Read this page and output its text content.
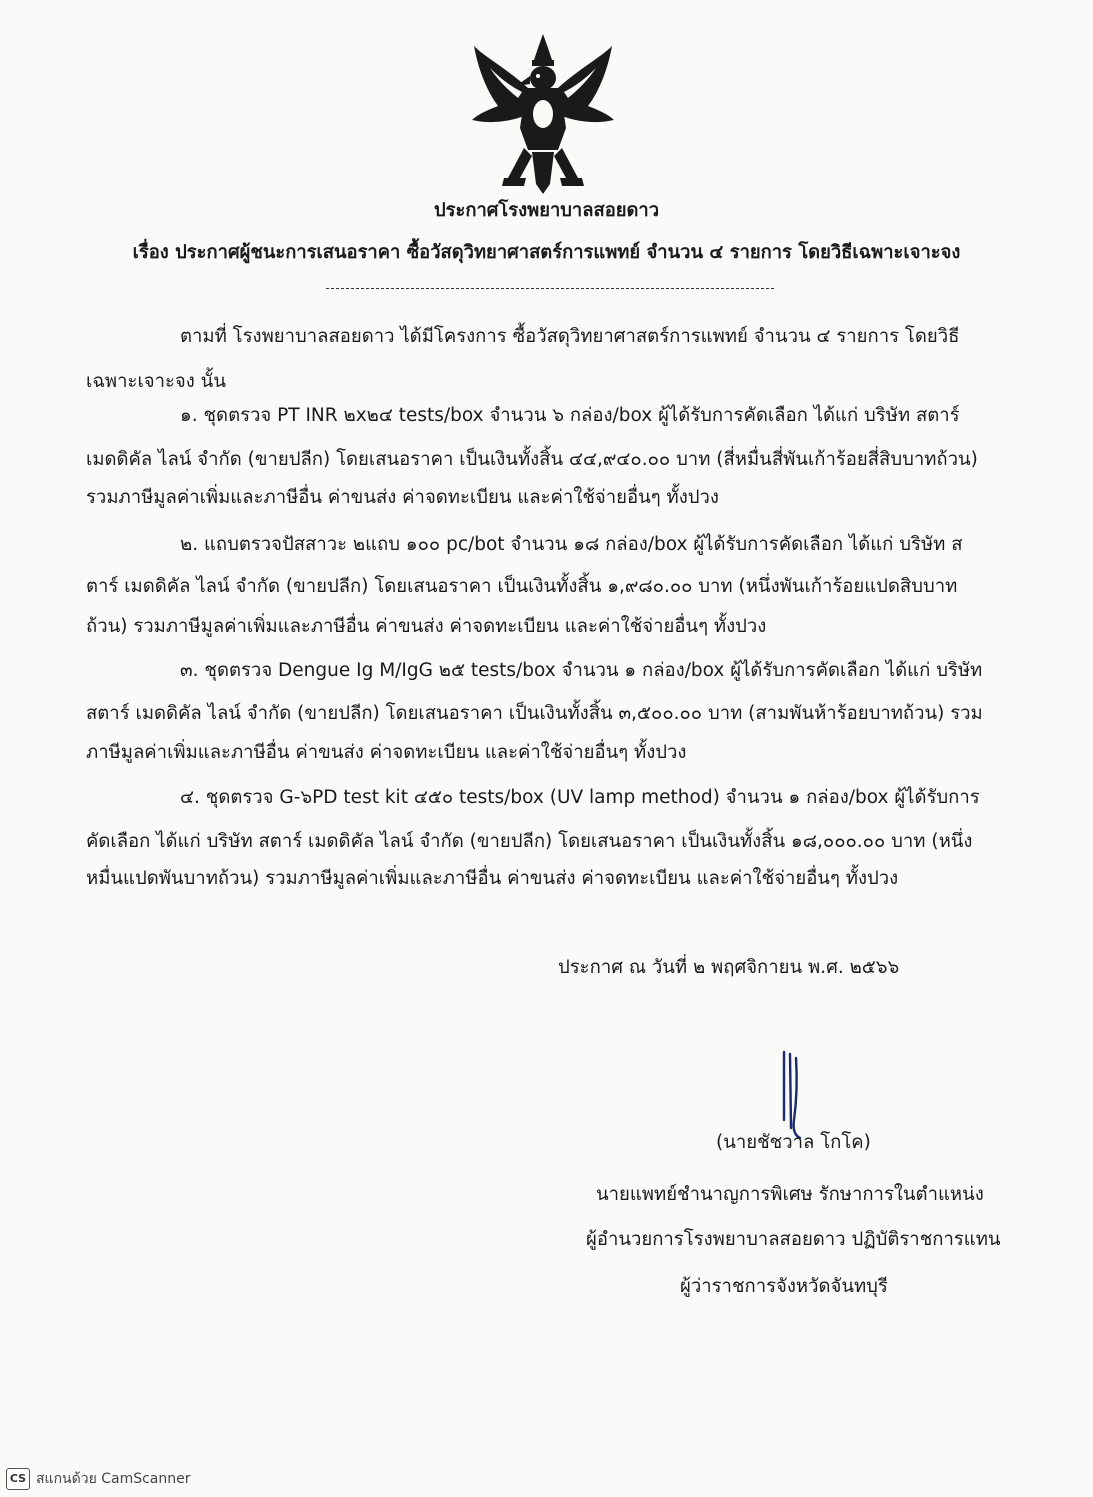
ประกาศโรงพยาบาลสอยดาว
เรื่อง ประกาศผู้ชนะการเสนอราคา ซื้อวัสดุวิทยาศาสตร์การแพทย์ จำนวน ๔ รายการ โดยวิธีเฉพาะเจาะจง
ตามที่ โรงพยาบาลสอยดาว ได้มีโครงการ ซื้อวัสดุวิทยาศาสตร์การแพทย์ จำนวน ๔ รายการ โดยวิธี
เฉพาะเจาะจง นั้น
๑. ชุดตรวจ PT INR ๒x๒๔ tests/box จำนวน ๖ กล่อง/box ผู้ได้รับการคัดเลือก ได้แก่ บริษัท สตาร์
เมดดิคัล ไลน์ จำกัด (ขายปลีก) โดยเสนอราคา เป็นเงินทั้งสิ้น ๔๔,๙๔๐.๐๐ บาท (สี่หมื่นสี่พันเก้าร้อยสี่สิบบาทถ้วน)
รวมภาษีมูลค่าเพิ่มและภาษีอื่น ค่าขนส่ง ค่าจดทะเบียน และค่าใช้จ่ายอื่นๆ ทั้งปวง
๒. แถบตรวจปัสสาวะ ๒แถบ ๑๐๐ pc/bot จำนวน ๑๘ กล่อง/box ผู้ได้รับการคัดเลือก ได้แก่ บริษัท ส
ตาร์ เมดดิคัล ไลน์ จำกัด (ขายปลีก) โดยเสนอราคา เป็นเงินทั้งสิ้น ๑,๙๘๐.๐๐ บาท (หนึ่งพันเก้าร้อยแปดสิบบาท
ถ้วน) รวมภาษีมูลค่าเพิ่มและภาษีอื่น ค่าขนส่ง ค่าจดทะเบียน และค่าใช้จ่ายอื่นๆ ทั้งปวง
๓. ชุดตรวจ Dengue Ig M/IgG ๒๕ tests/box จำนวน ๑ กล่อง/box ผู้ได้รับการคัดเลือก ได้แก่ บริษัท
สตาร์ เมดดิคัล ไลน์ จำกัด (ขายปลีก) โดยเสนอราคา เป็นเงินทั้งสิ้น ๓,๕๐๐.๐๐ บาท (สามพันห้าร้อยบาทถ้วน) รวม
ภาษีมูลค่าเพิ่มและภาษีอื่น ค่าขนส่ง ค่าจดทะเบียน และค่าใช้จ่ายอื่นๆ ทั้งปวง
๔. ชุดตรวจ G-๖PD test kit ๔๕๐ tests/box (UV lamp method) จำนวน ๑ กล่อง/box ผู้ได้รับการ
คัดเลือก ได้แก่ บริษัท สตาร์ เมดดิคัล ไลน์ จำกัด (ขายปลีก) โดยเสนอราคา เป็นเงินทั้งสิ้น ๑๘,๐๐๐.๐๐ บาท (หนึ่ง
หมื่นแปดพันบาทถ้วน) รวมภาษีมูลค่าเพิ่มและภาษีอื่น ค่าขนส่ง ค่าจดทะเบียน และค่าใช้จ่ายอื่นๆ ทั้งปวง
ประกาศ ณ วันที่ ๒ พฤศจิกายน พ.ศ. ๒๕๖๖
(นายชัชวาล โกโค)
นายแพทย์ชำนาญการพิเศษ รักษาการในตำแหน่ง
ผู้อำนวยการโรงพยาบาลสอยดาว ปฏิบัติราชการแทน
ผู้ว่าราชการจังหวัดจันทบุรี
CS สแกนด้วย CamScanner
